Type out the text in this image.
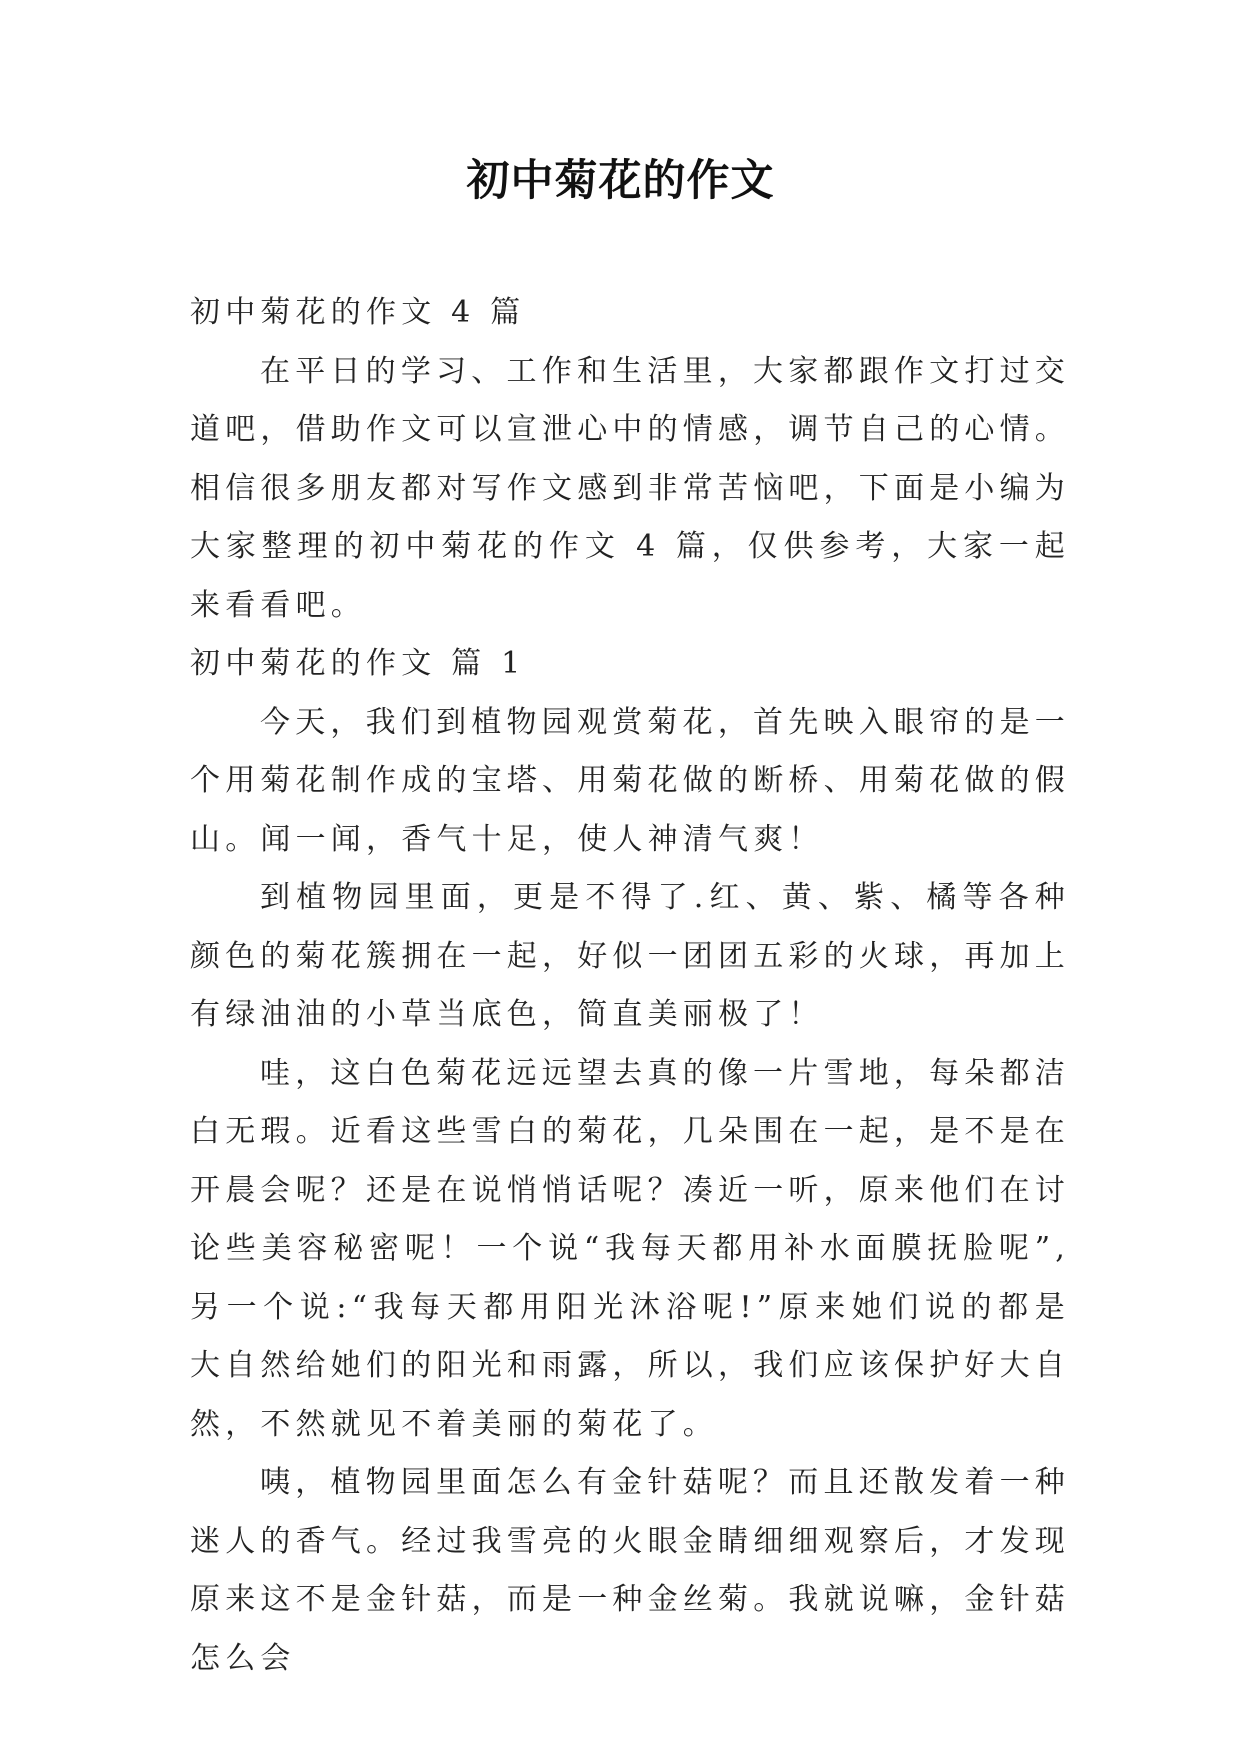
初中菊花的作文

初中菊花的作文 4 篇

在平日的学习、工作和生活里，大家都跟作文打过交道吧，借助作文可以宣泄心中的情感，调节自己的心情。相信很多朋友都对写作文感到非常苦恼吧，下面是小编为大家整理的初中菊花的作文 4 篇，仅供参考，大家一起来看看吧。

初中菊花的作文 篇 1

今天，我们到植物园观赏菊花，首先映入眼帘的是一个用菊花制作成的宝塔、用菊花做的断桥、用菊花做的假山。闻一闻，香气十足，使人神清气爽！

到植物园里面，更是不得了.红、黄、紫、橘等各种颜色的菊花簇拥在一起，好似一团团五彩的火球，再加上有绿油油的小草当底色，简直美丽极了！

哇，这白色菊花远远望去真的像一片雪地，每朵都洁白无瑕。近看这些雪白的菊花，几朵围在一起，是不是在开晨会呢？还是在说悄悄话呢？凑近一听，原来他们在讨论些美容秘密呢！一个说“我每天都用补水面膜抚脸呢”,另一个说:“我每天都用阳光沐浴呢!”原来她们说的都是大自然给她们的阳光和雨露，所以，我们应该保护好大自然，不然就见不着美丽的菊花了。

咦，植物园里面怎么有金针菇呢？而且还散发着一种迷人的香气。经过我雪亮的火眼金睛细细观察后，才发现原来这不是金针菇，而是一种金丝菊。我就说嘛，金针菇怎么会
